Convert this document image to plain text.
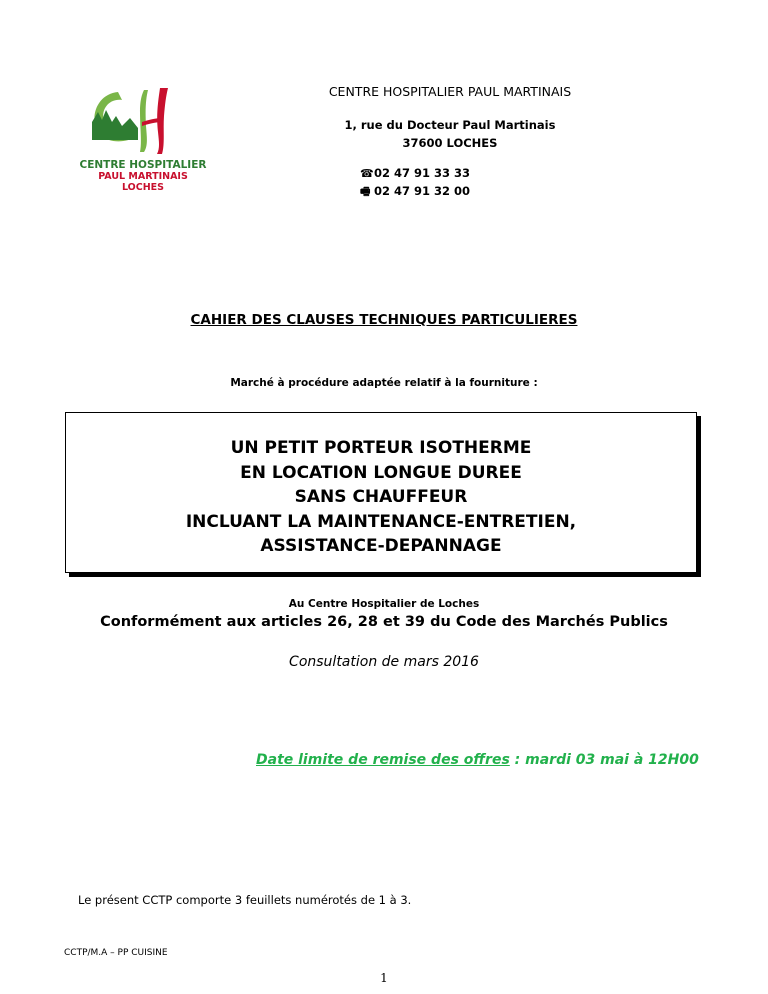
CENTRE HOSPITALIER
PAUL MARTINAIS
LOCHES
CENTRE HOSPITALIER PAUL MARTINAIS
1, rue du Docteur Paul Martinais
37600 LOCHES
☎02 47 91 33 33
🖷 02 47 91 32 00
CAHIER DES CLAUSES TECHNIQUES PARTICULIERES
Marché à procédure adaptée relatif à la fourniture :
UN PETIT PORTEUR ISOTHERME
EN LOCATION LONGUE DUREE
SANS CHAUFFEUR
INCLUANT LA MAINTENANCE-ENTRETIEN,
ASSISTANCE-DEPANNAGE
Au Centre Hospitalier de Loches
Conformément aux articles 26, 28 et 39 du Code des Marchés Publics
Consultation de mars 2016
Date limite de remise des offres : mardi 03 mai à 12H00
Le présent CCTP comporte 3 feuillets numérotés de 1 à 3.
CCTP/M.A – PP CUISINE
1
